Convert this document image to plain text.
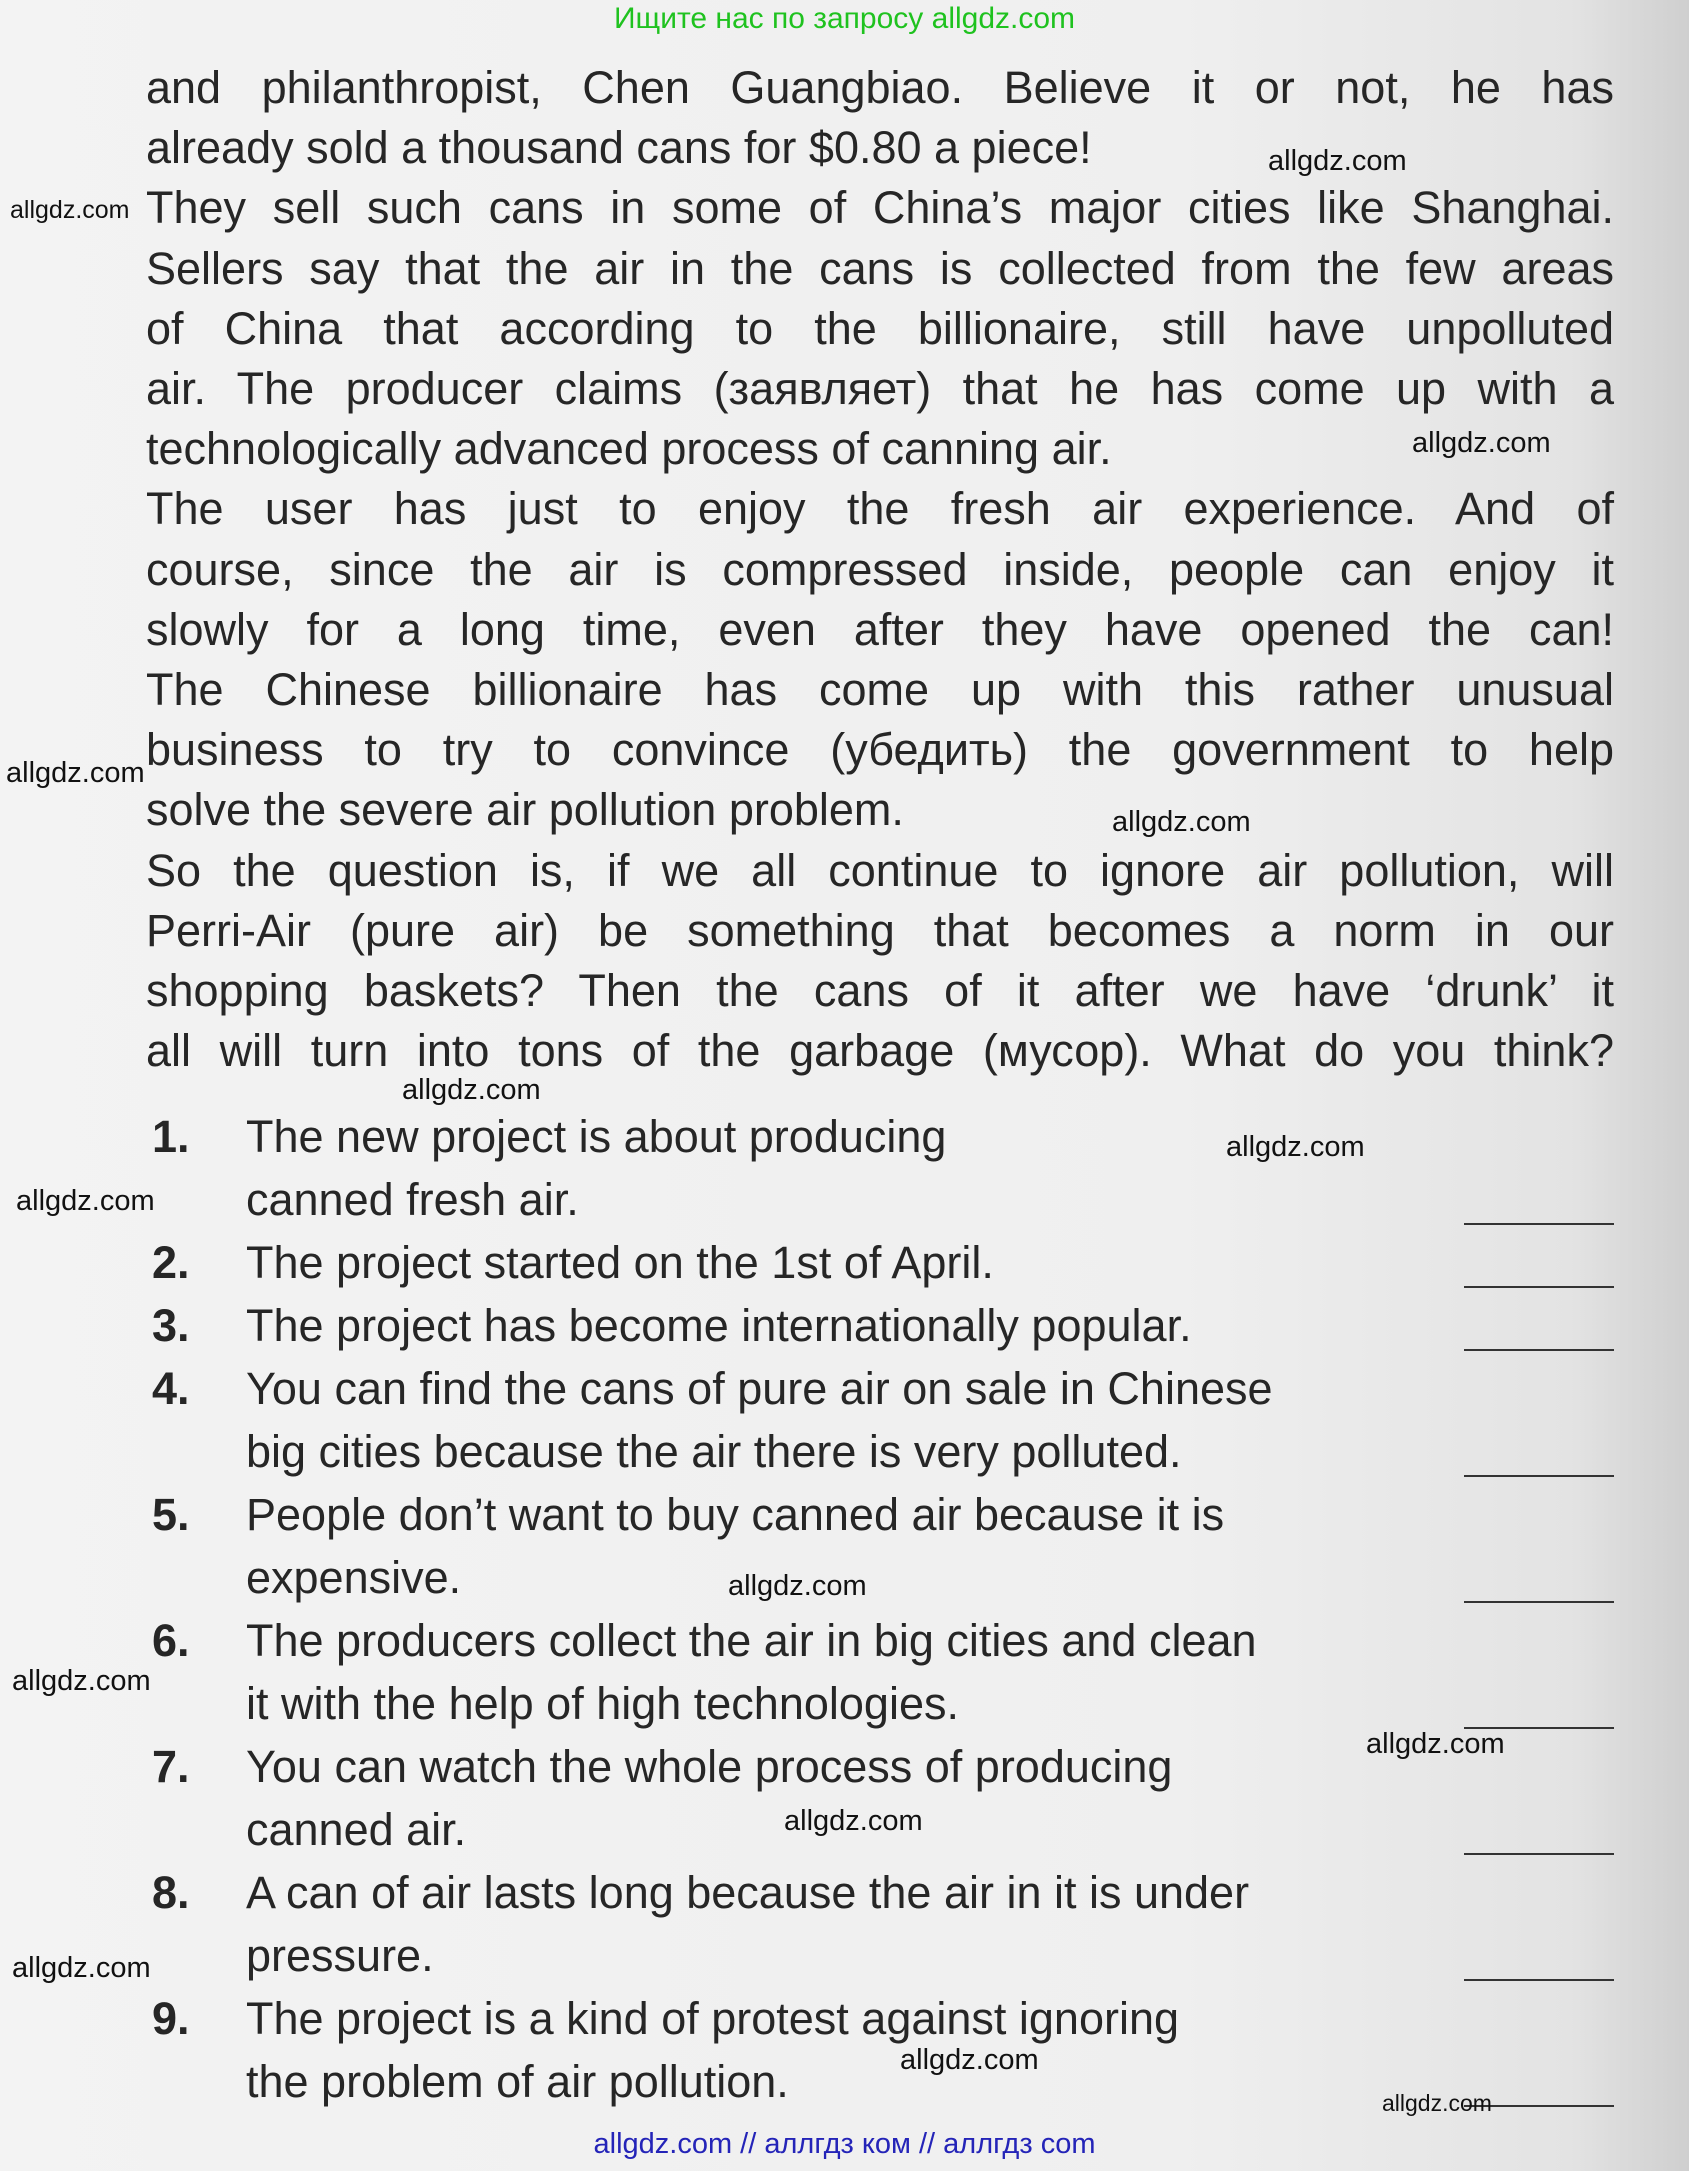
Ищите нас по запросу allgdz.com
and philanthropist, Chen Guangbiao. Believe it or not, he has
already sold a thousand cans for $0.80 a piece!
They sell such cans in some of China’s major cities like Shanghai.
Sellers say that the air in the cans is collected from the few areas
of China that according to the billionaire, still have unpolluted
air. The producer claims (заявляет) that he has come up with a
technologically advanced process of canning air.
The user has just to enjoy the fresh air experience. And of
course, since the air is compressed inside, people can enjoy it
slowly for a long time, even after they have opened the can!
The Chinese billionaire has come up with this rather unusual
business to try to convince (убедить) the government to help
solve the severe air pollution problem.
So the question is, if we all continue to ignore air pollution, will
Perri-Air (pure air) be something that becomes a norm in our
shopping baskets? Then the cans of it after we have ‘drunk’ it
all will turn into tons of the garbage (мусор). What do you think?
1. The new project is about producing
canned fresh air.
2. The project started on the 1st of April.
3. The project has become internationally popular.
4. You can find the cans of pure air on sale in Chinese
big cities because the air there is very polluted.
5. People don’t want to buy canned air because it is
expensive.
6. The producers collect the air in big cities and clean
it with the help of high technologies.
7. You can watch the whole process of producing
canned air.
8. A can of air lasts long because the air in it is under
pressure.
9. The project is a kind of protest against ignoring
the problem of air pollution.
allgdz.com
allgdz.com
allgdz.com
allgdz.com
allgdz.com
allgdz.com
allgdz.com
allgdz.com
allgdz.com
allgdz.com
allgdz.com
allgdz.com
allgdz.com
allgdz.com
allgdz.com
allgdz.com // аллгдз ком // аллгдз com
